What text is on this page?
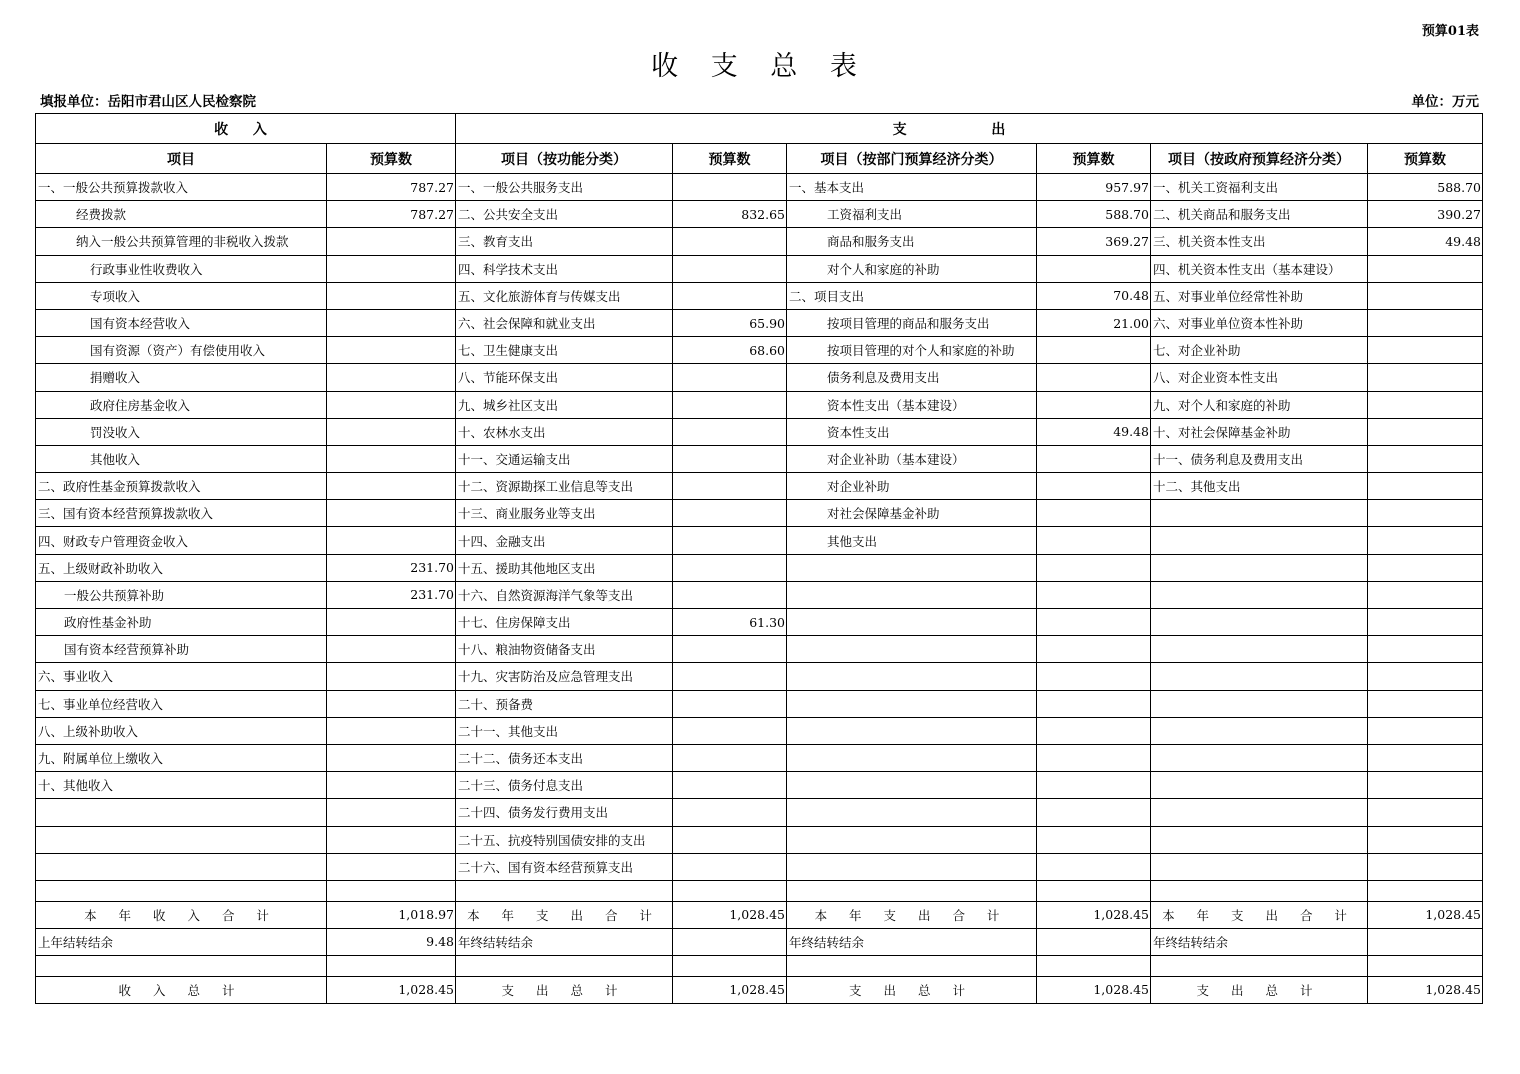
预算01表
收 支 总 表
填报单位：岳阳市君山区人民检察院	单位：万元
收 入		支 出					
项目	预算数	项目（按功能分类）	预算数	项目（按部门预算经济分类）	预算数	项目（按政府预算经济分类）	预算数
一、一般公共预算拨款收入	787.27	一、一般公共服务支出		一、基本支出	957.97	一、机关工资福利支出	588.70
经费拨款	787.27	二、公共安全支出	832.65	工资福利支出	588.70	二、机关商品和服务支出	390.27
纳入一般公共预算管理的非税收入拨款		三、教育支出		商品和服务支出	369.27	三、机关资本性支出	49.48
行政事业性收费收入		四、科学技术支出		对个人和家庭的补助		四、机关资本性支出（基本建设）	
专项收入		五、文化旅游体育与传媒支出		二、项目支出	70.48	五、对事业单位经常性补助	
国有资本经营收入		六、社会保障和就业支出	65.90	按项目管理的商品和服务支出	21.00	六、对事业单位资本性补助	
国有资源（资产）有偿使用收入		七、卫生健康支出	68.60	按项目管理的对个人和家庭的补助		七、对企业补助	
捐赠收入		八、节能环保支出		债务利息及费用支出		八、对企业资本性支出	
政府住房基金收入		九、城乡社区支出		资本性支出（基本建设）		九、对个人和家庭的补助	
罚没收入		十、农林水支出		资本性支出	49.48	十、对社会保障基金补助	
其他收入		十一、交通运输支出		对企业补助（基本建设）		十一、债务利息及费用支出	
二、政府性基金预算拨款收入		十二、资源勘探工业信息等支出		对企业补助		十二、其他支出	
三、国有资本经营预算拨款收入		十三、商业服务业等支出		对社会保障基金补助			
四、财政专户管理资金收入		十四、金融支出		其他支出			
五、上级财政补助收入	231.70	十五、援助其他地区支出					
一般公共预算补助	231.70	十六、自然资源海洋气象等支出					
政府性基金补助		十七、住房保障支出	61.30				
国有资本经营预算补助		十八、粮油物资储备支出					
六、事业收入		十九、灾害防治及应急管理支出					
七、事业单位经营收入		二十、预备费					
八、上级补助收入		二十一、其他支出					
九、附属单位上缴收入		二十二、债务还本支出					
十、其他收入		二十三、债务付息支出					
		二十四、债务发行费用支出					
		二十五、抗疫特别国债安排的支出					
		二十六、国有资本经营预算支出					

本 年 收 入 合 计	1,018.97	本 年 支 出 合 计	1,028.45	本 年 支 出 合 计	1,028.45	本 年 支 出 合 计	1,028.45
上年结转结余	9.48	年终结转结余		年终结转结余		年终结转结余	

收 入 总 计	1,028.45	支 出 总 计	1,028.45	支 出 总 计	1,028.45	支 出 总 计	1,028.45
